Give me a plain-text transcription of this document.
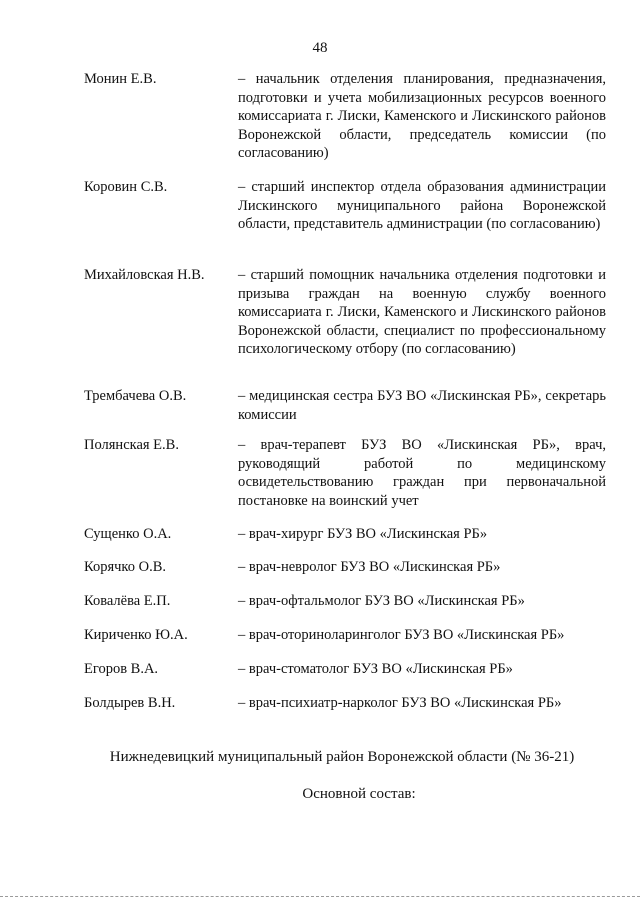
48
Монин Е.В.	– начальник отделения планирования, предназначения, подготовки и учета мобилизационных ресурсов военного комиссариата г. Лиски, Каменского и Лискинского районов Воронежской области, председатель комиссии (по согласованию)
Коровин С.В.	– старший инспектор отдела образования администрации Лискинского муниципального района Воронежской области, представитель администрации (по согласованию)
Михайловская Н.В. – старший помощник начальника отделения подготовки и призыва граждан на военную службу военного комиссариата г. Лиски, Каменского и Лискинского районов Воронежской области, специалист по профессиональному психологическому отбору (по согласованию)
Трембачева О.В.	– медицинская сестра БУЗ ВО «Лискинская РБ», секретарь комиссии
Полянская Е.В.	– врач-терапевт БУЗ ВО «Лискинская РБ», врач, руководящий работой по медицинскому освидетельствованию граждан при первоначальной постановке на воинский учет
Сущенко О.А.	– врач-хирург БУЗ ВО «Лискинская РБ»
Корячко О.В.	– врач-невролог БУЗ ВО «Лискинская РБ»
Ковалёва Е.П.	– врач-офтальмолог БУЗ ВО «Лискинская РБ»
Кириченко Ю.А.	– врач-оториноларинголог БУЗ ВО «Лискинская РБ»
Егоров В.А.	– врач-стоматолог БУЗ ВО «Лискинская РБ»
Болдырев В.Н.	– врач-психиатр-нарколог БУЗ ВО «Лискинская РБ»
Нижнедевицкий муниципальный район Воронежской области (№ 36-21)
Основной состав:
